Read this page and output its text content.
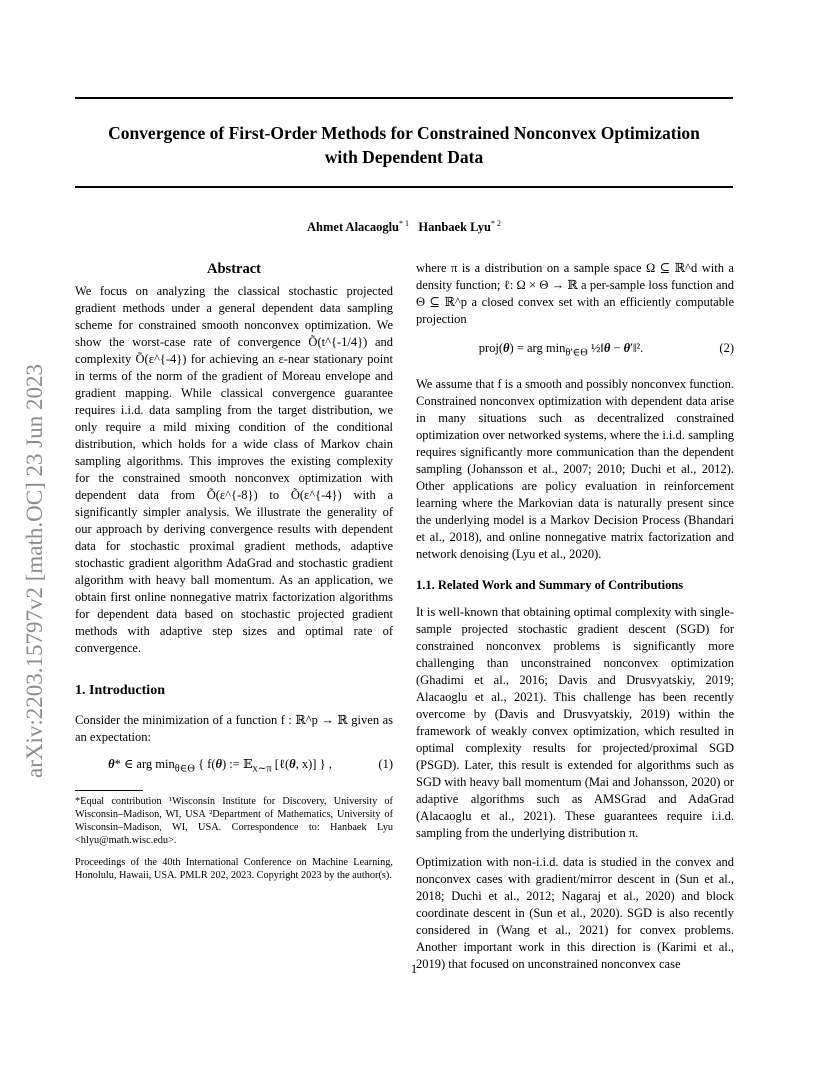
Convergence of First-Order Methods for Constrained Nonconvex Optimization
with Dependent Data
Ahmet Alacaoglu$^{* 1}$ Hanbaek Lyu$^{* 2}$
arXiv:2203.15797v2 [math.OC] 23 Jun 2023
Abstract

We focus on analyzing the classical stochastic projected gradient methods under a general dependent data sampling scheme for constrained smooth nonconvex optimization. We show the worst-case rate of convergence Õ(t^{-1/4}) and complexity Õ(ε^{-4}) for achieving an ε-near stationary point in terms of the norm of the gradient of Moreau envelope and gradient mapping. While classical convergence guarantee requires i.i.d. data sampling from the target distribution, we only require a mild mixing condition of the conditional distribution, which holds for a wide class of Markov chain sampling algorithms. This improves the existing complexity for the constrained smooth nonconvex optimization with dependent data from Õ(ε^{-8}) to Õ(ε^{-4}) with a significantly simpler analysis. We illustrate the generality of our approach by deriving convergence results with dependent data for stochastic proximal gradient methods, adaptive stochastic gradient algorithm AdaGrad and stochastic gradient algorithm with heavy ball momentum. As an application, we obtain first online nonnegative matrix factorization algorithms for dependent data based on stochastic projected gradient methods with adaptive step sizes and optimal rate of convergence.

1. Introduction

Consider the minimization of a function f : ℝ^p → ℝ given as an expectation:

θ* ∈ arg $\min_{\theta\in\Theta}$ { f(θ) := 𝔼$_{x\sim\pi}$ [ℓ(θ, x)] } ,	(1)

*Equal contribution ¹Wisconsin Institute for Discovery, University of Wisconsin–Madison, WI, USA ²Department of Mathematics, University of Wisconsin–Madison, WI, USA. Correspondence to: Hanbaek Lyu <hlyu@math.wisc.edu>.

Proceedings of the 40th International Conference on Machine Learning, Honolulu, Hawaii, USA. PMLR 202, 2023. Copyright 2023 by the author(s).

where π is a distribution on a sample space Ω ⊆ ℝ^d with a density function; ℓ: Ω × Θ → ℝ a per-sample loss function and Θ ⊆ ℝ^p a closed convex set with an efficiently computable projection

proj(θ) = arg $\min_{\theta'\in\Theta}$ ½‖θ − θ′‖².	(2)

We assume that f is a smooth and possibly nonconvex function. Constrained nonconvex optimization with dependent data arise in many situations such as decentralized constrained optimization over networked systems, where the i.i.d. sampling requires significantly more communication than the dependent sampling (Johansson et al., 2007; 2010; Duchi et al., 2012). Other applications are policy evaluation in reinforcement learning where the Markovian data is naturally present since the underlying model is a Markov Decision Process (Bhandari et al., 2018), and online nonnegative matrix factorization and network denoising (Lyu et al., 2020).

1.1. Related Work and Summary of Contributions

It is well-known that obtaining optimal complexity with single-sample projected stochastic gradient descent (SGD) for constrained nonconvex problems is significantly more challenging than unconstrained nonconvex optimization (Ghadimi et al., 2016; Davis and Drusvyatskiy, 2019; Alacaoglu et al., 2021). This challenge has been recently overcome by (Davis and Drusvyatskiy, 2019) within the framework of weakly convex optimization, which resulted in optimal complexity results for projected/proximal SGD (PSGD). Later, this result is extended for algorithms such as SGD with heavy ball momentum (Mai and Johansson, 2020) or adaptive algorithms such as AMSGrad and AdaGrad (Alacaoglu et al., 2021). These guarantees require i.i.d. sampling from the underlying distribution π.

Optimization with non-i.i.d. data is studied in the convex and nonconvex cases with gradient/mirror descent in (Sun et al., 2018; Duchi et al., 2012; Nagaraj et al., 2020) and block coordinate descent in (Sun et al., 2020). SGD is also recently considered in (Wang et al., 2021) for convex problems. Another important work in this direction is (Karimi et al., 2019) that focused on unconstrained nonconvex case

1
